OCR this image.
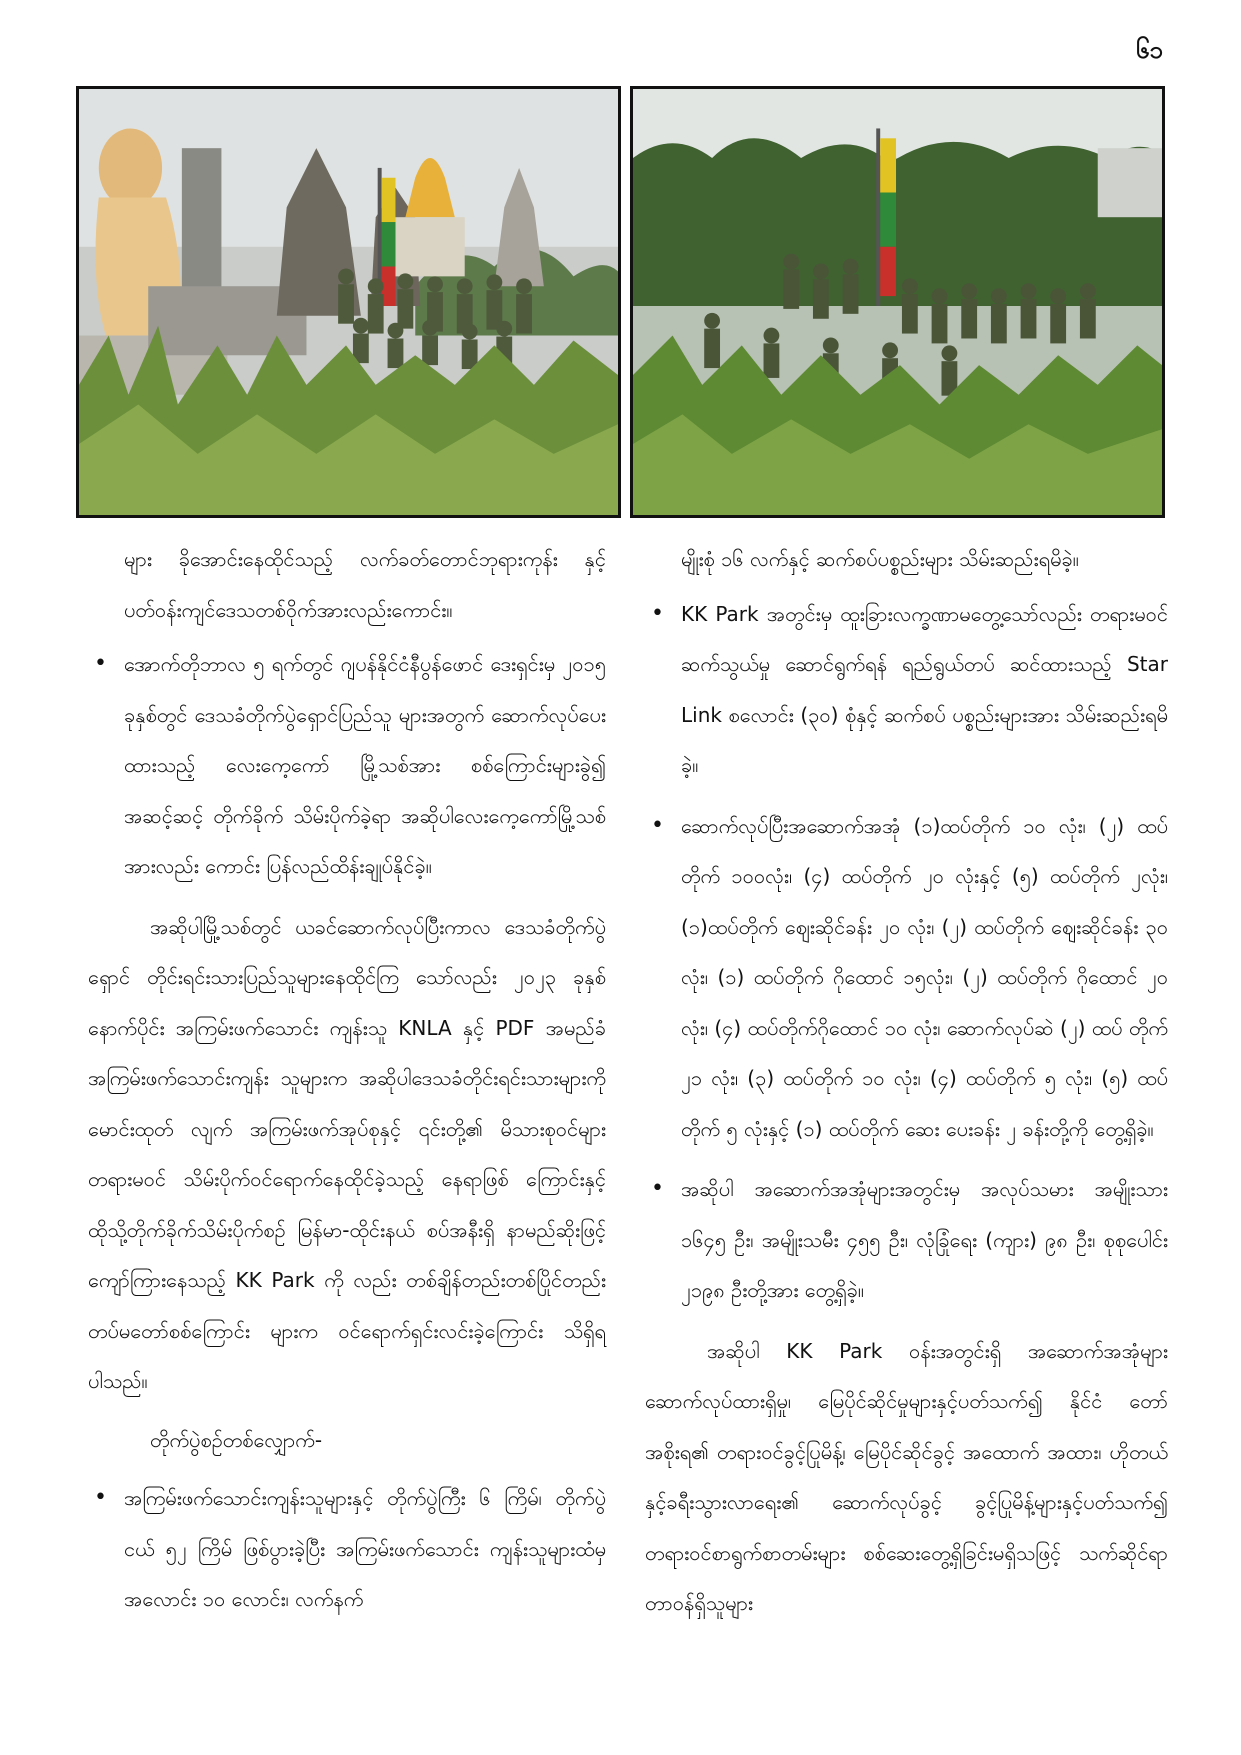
၆၁

များ ခိုအောင်းနေထိုင်သည့် လက်ခတ်တောင်ဘုရားကုန်း နှင့် ပတ်ဝန်းကျင်ဒေသတစ်ဝိုက်အားလည်းကောင်း။

• အောက်တိုဘာလ ၅ ရက်တွင် ဂျပန်နိုင်ငံနီပွန်ဖောင် ဒေးရှင်းမှ ၂၀၁၅ ခုနှစ်တွင် ဒေသခံတိုက်ပွဲရှောင်ပြည်သူ များအတွက် ဆောက်လုပ်ပေးထားသည့် လေးကေ့ကော် မြို့သစ်အား စစ်ကြောင်းများခွဲ၍ အဆင့်ဆင့် တိုက်ခိုက် သိမ်းပိုက်ခဲ့ရာ အဆိုပါလေးကေ့ကော်မြို့သစ်အားလည်း ကောင်း ပြန်လည်ထိန်းချုပ်နိုင်ခဲ့။

အဆိုပါမြို့သစ်တွင် ယခင်ဆောက်လုပ်ပြီးကာလ ဒေသခံတိုက်ပွဲရှောင် တိုင်းရင်းသားပြည်သူများနေထိုင်ကြ သော်လည်း ၂၀၂၃ ခုနှစ်နောက်ပိုင်း အကြမ်းဖက်သောင်း ကျန်းသူ KNLA နှင့် PDF အမည်ခံ အကြမ်းဖက်သောင်းကျန်း သူများက အဆိုပါဒေသခံတိုင်းရင်းသားများကို မောင်းထုတ် လျက် အကြမ်းဖက်အုပ်စုနှင့် ၎င်းတို့၏ မိသားစုဝင်များ တရားမဝင် သိမ်းပိုက်ဝင်ရောက်နေထိုင်ခဲ့သည့် နေရာဖြစ် ကြောင်းနှင့် ထိုသို့တိုက်ခိုက်သိမ်းပိုက်စဉ် မြန်မာ-ထိုင်းနယ် စပ်အနီးရှိ နာမည်ဆိုးဖြင့် ကျော်ကြားနေသည့် KK Park ကို လည်း တစ်ချိန်တည်းတစ်ပြိုင်တည်း တပ်မတော်စစ်ကြောင်း များက ဝင်ရောက်ရှင်းလင်းခဲ့ကြောင်း သိရှိရပါသည်။

တိုက်ပွဲစဉ်တစ်လျှောက်-

• အကြမ်းဖက်သောင်းကျန်းသူများနှင့် တိုက်ပွဲကြီး ၆ ကြိမ်၊ တိုက်ပွဲငယ် ၅၂ ကြိမ် ဖြစ်ပွားခဲ့ပြီး အကြမ်းဖက်သောင်း ကျန်းသူများထံမှ အလောင်း ၁၀ လောင်း၊ လက်နက်

မျိုးစုံ ၁၆ လက်နှင့် ဆက်စပ်ပစ္စည်းများ သိမ်းဆည်းရမိခဲ့။

• KK Park အတွင်းမှ ထူးခြားလက္ခဏာမတွေ့သော်လည်း တရားမဝင်ဆက်သွယ်မှု ဆောင်ရွက်ရန် ရည်ရွယ်တပ် ဆင်ထားသည့် Star Link စလောင်း (၃၀) စုံနှင့် ဆက်စပ် ပစ္စည်းများအား သိမ်းဆည်းရမိခဲ့။
• ဆောက်လုပ်ပြီးအဆောက်အအုံ (၁)ထပ်တိုက် ၁၀ လုံး၊ (၂) ထပ်တိုက် ၁၀၀လုံး၊ (၄) ထပ်တိုက် ၂၀ လုံးနှင့် (၅) ထပ်တိုက် ၂လုံး၊(၁)ထပ်တိုက် ဈေးဆိုင်ခန်း ၂၀ လုံး၊ (၂) ထပ်တိုက် ဈေးဆိုင်ခန်း ၃၀ လုံး၊ (၁) ထပ်တိုက် ဂိုထောင် ၁၅လုံး၊ (၂) ထပ်တိုက် ဂိုထောင် ၂၀ လုံး၊ (၄) ထပ်တိုက်ဂိုထောင် ၁၀ လုံး၊ ဆောက်လုပ်ဆဲ (၂) ထပ် တိုက် ၂၁ လုံး၊ (၃) ထပ်တိုက် ၁၀ လုံး၊ (၄) ထပ်တိုက် ၅ လုံး၊ (၅) ထပ်တိုက် ၅ လုံးနှင့် (၁) ထပ်တိုက် ဆေး ပေးခန်း ၂ ခန်းတို့ကို တွေ့ရှိခဲ့။
• အဆိုပါ အဆောက်အအုံများအတွင်းမှ အလုပ်သမား အမျိုးသား ၁၆၄၅ ဦး၊ အမျိုးသမီး ၄၅၅ ဦး၊ လုံခြုံရေး (ကျား) ၉၈ ဦး၊ စုစုပေါင်း ၂၁၉၈ ဦးတို့အား တွေ့ရှိခဲ့။

အဆိုပါ KK Park ဝန်းအတွင်းရှိ အဆောက်အအုံများ ဆောက်လုပ်ထားရှိမှု၊ မြေပိုင်ဆိုင်မှုများနှင့်ပတ်သက်၍ နိုင်ငံ တော်အစိုးရ၏ တရားဝင်ခွင့်ပြုမိန့်၊ မြေပိုင်ဆိုင်ခွင့် အထောက် အထား၊ ဟိုတယ်နှင့်ခရီးသွားလာရေး၏ ဆောက်လုပ်ခွင့် ခွင့်ပြုမိန့်များနှင့်ပတ်သက်၍ တရားဝင်စာရွက်စာတမ်းများ စစ်ဆေးတွေ့ရှိခြင်းမရှိသဖြင့် သက်ဆိုင်ရာတာဝန်ရှိသူများ
